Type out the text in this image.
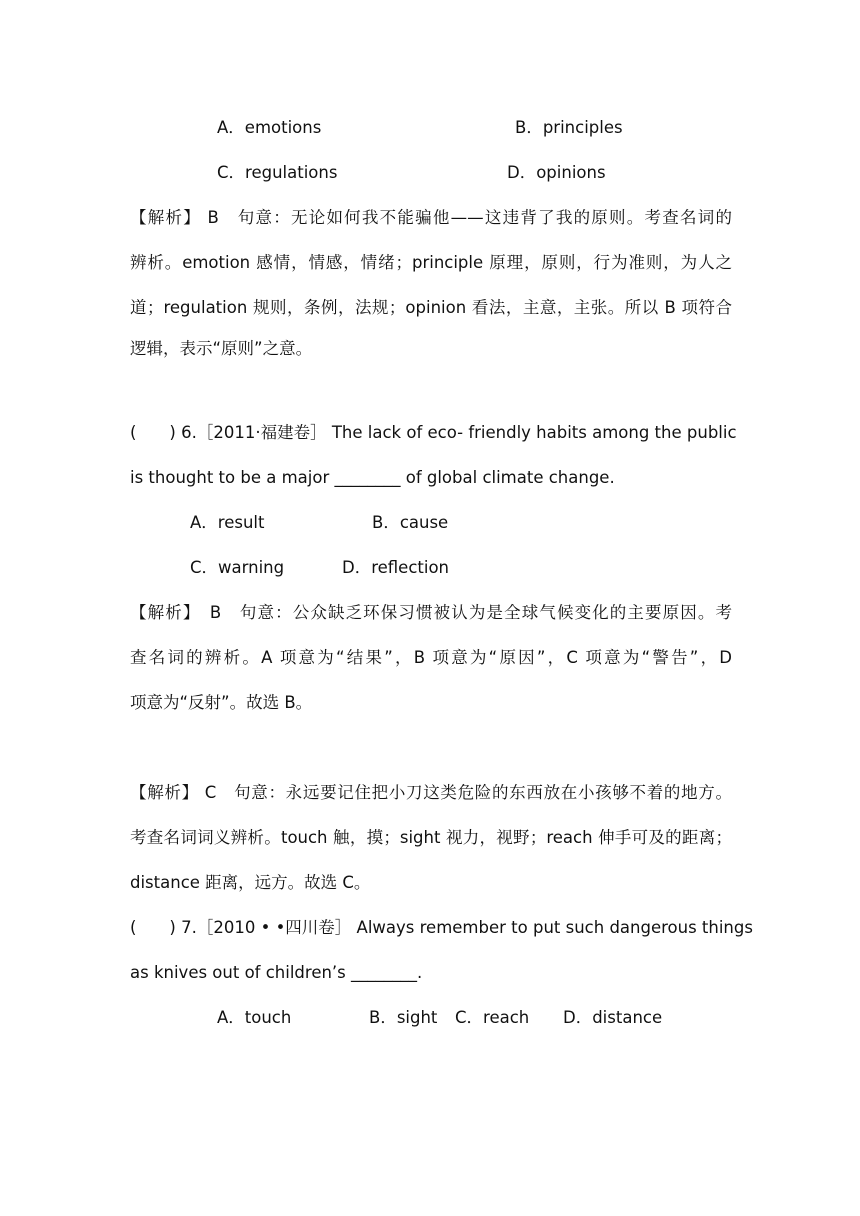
A．emotions	B．principles
C．regulations	D．opinions
【解析】 B　句意：无论如何我不能骗他——这违背了我的原则。考查名词的
辨析。emotion 感情，情感，情绪；principle 原理，原则，行为准则，为人之
道；regulation 规则，条例，法规；opinion 看法，主意，主张。所以 B 项符合
逻辑，表示“原则”之意。
(　　) 6.［2011·福建卷］ The lack of eco- friendly habits among the public
is thought to be a major ________ of global climate change.
A．result	B．cause
C．warning	D．reflection
【解析】　B　句意：公众缺乏环保习惯被认为是全球气候变化的主要原因。考
查名词的辨析。A 项意为“结果”，B 项意为“原因”，C 项意为“警告”，D
项意为“反射”。故选 B。
【解析】 C　句意：永远要记住把小刀这类危险的东西放在小孩够不着的地方。
考查名词词义辨析。touch 触，摸；sight 视力，视野；reach 伸手可及的距离；
distance 距离，远方。故选 C。
(　　) 7.［2010 • •四川卷］ Always remember to put such dangerous things
as knives out of children’s ________.
A．touch	B．sight C．reach D．distance
